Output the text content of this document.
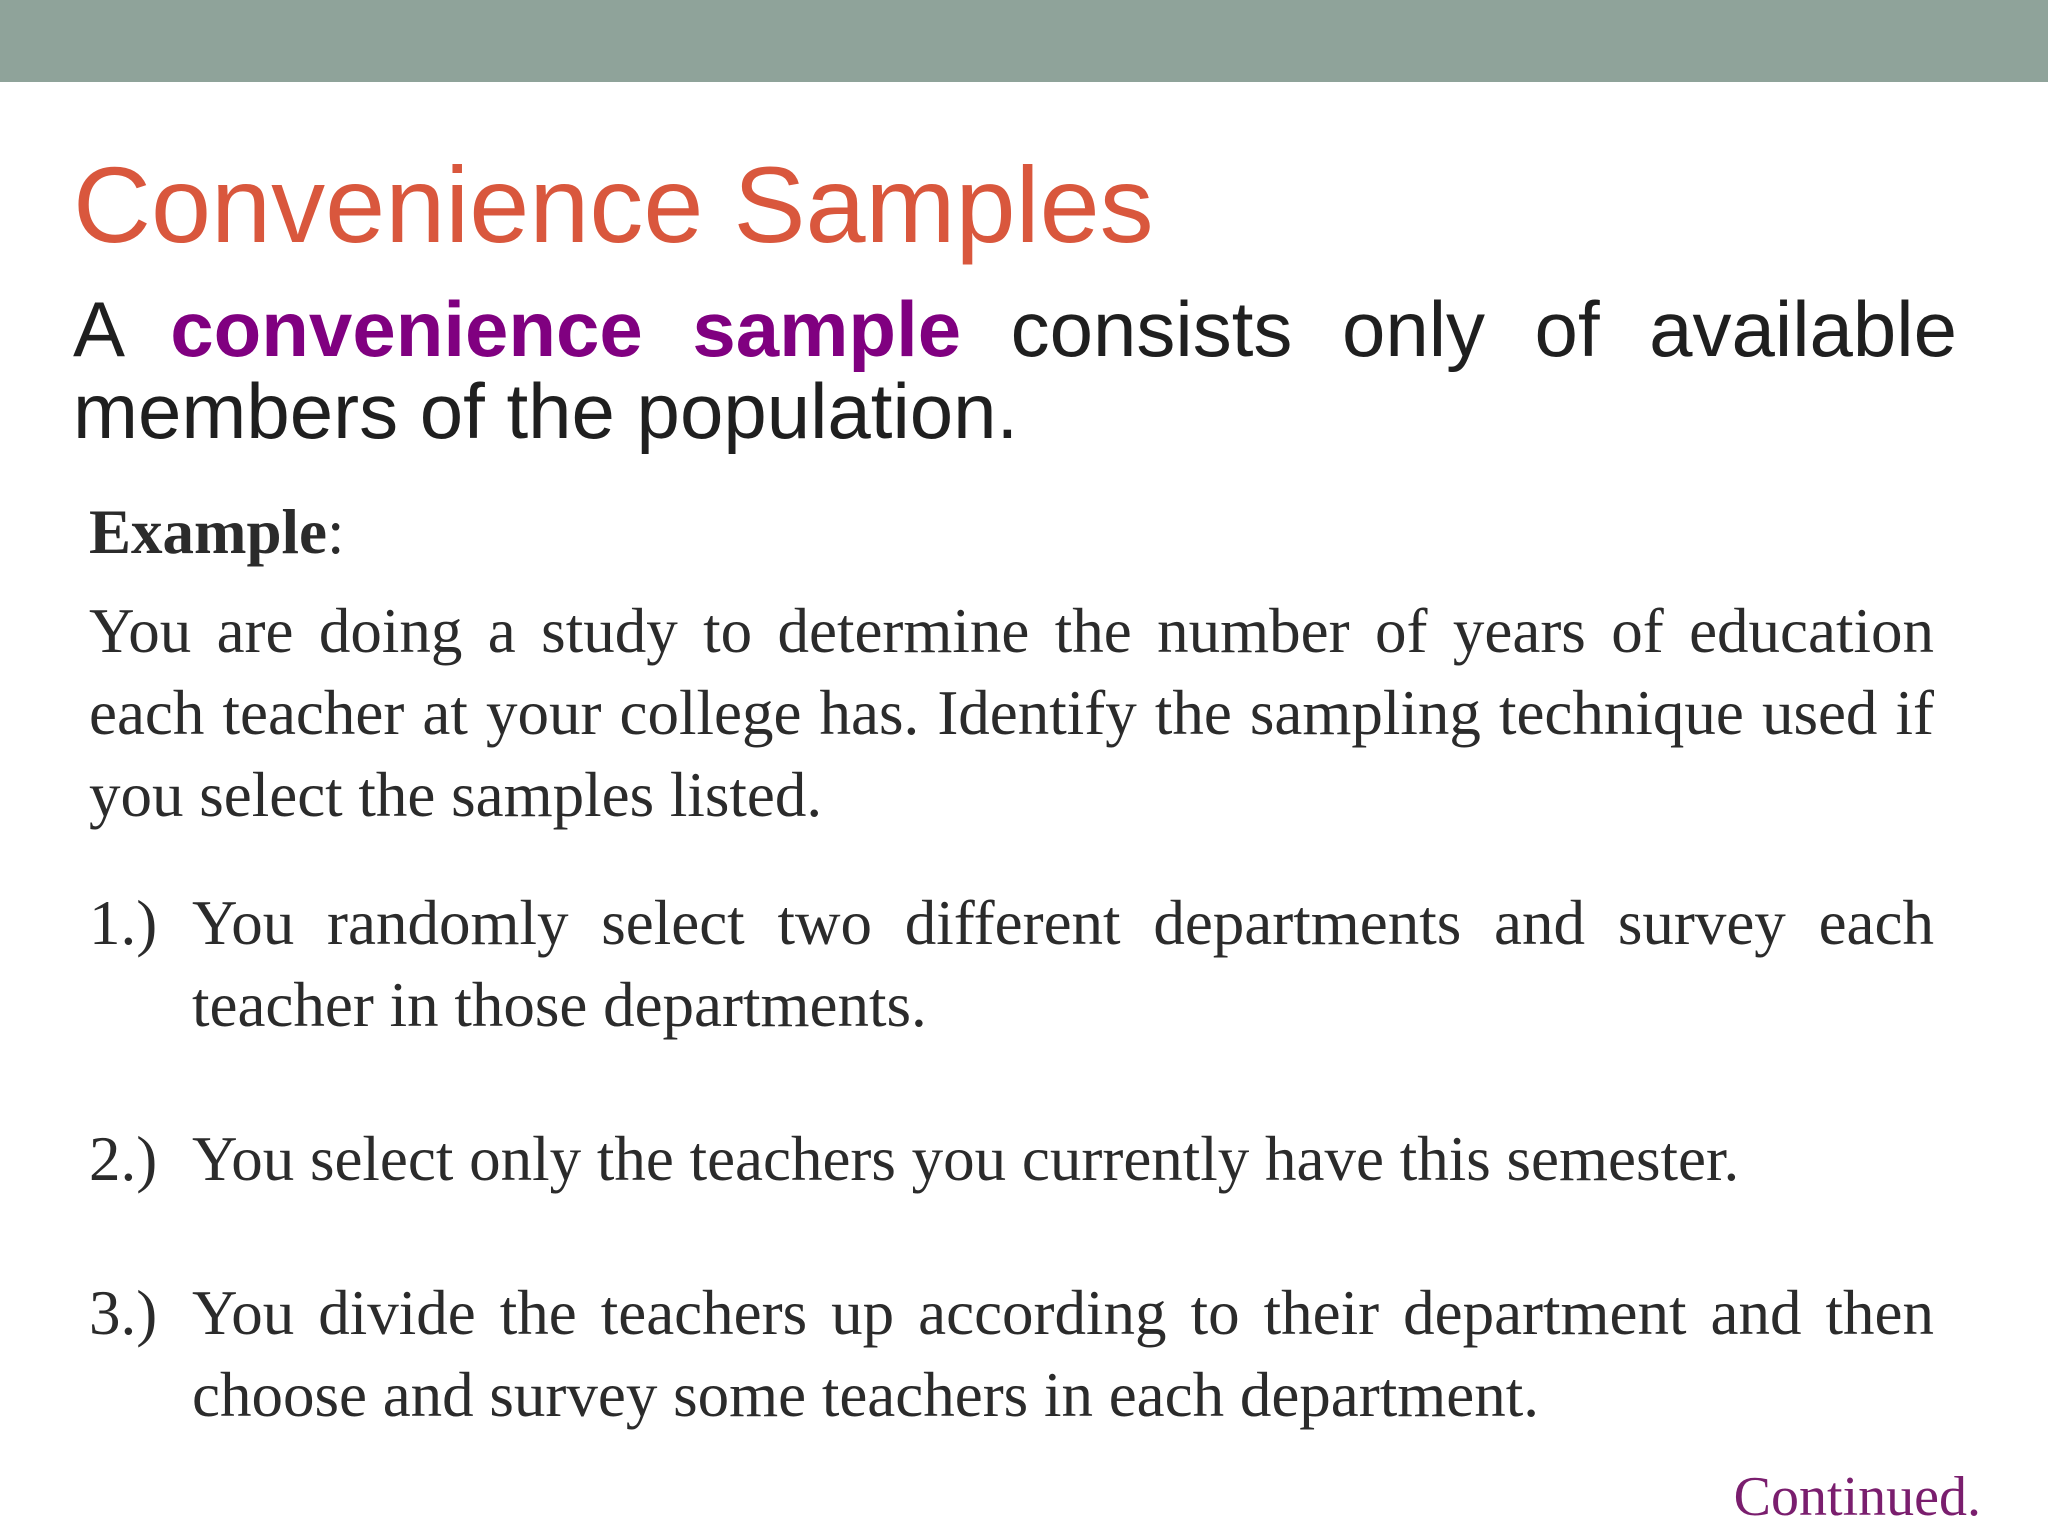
Convenience Samples

A convenience sample consists only of available members of the population.

Example:

You are doing a study to determine the number of years of education each teacher at your college has. Identify the sampling technique used if you select the samples listed.

1.) You randomly select two different departments and survey each teacher in those departments.

2.) You select only the teachers you currently have this semester.

3.) You divide the teachers up according to their department and then choose and survey some teachers in each department.

Continued.
